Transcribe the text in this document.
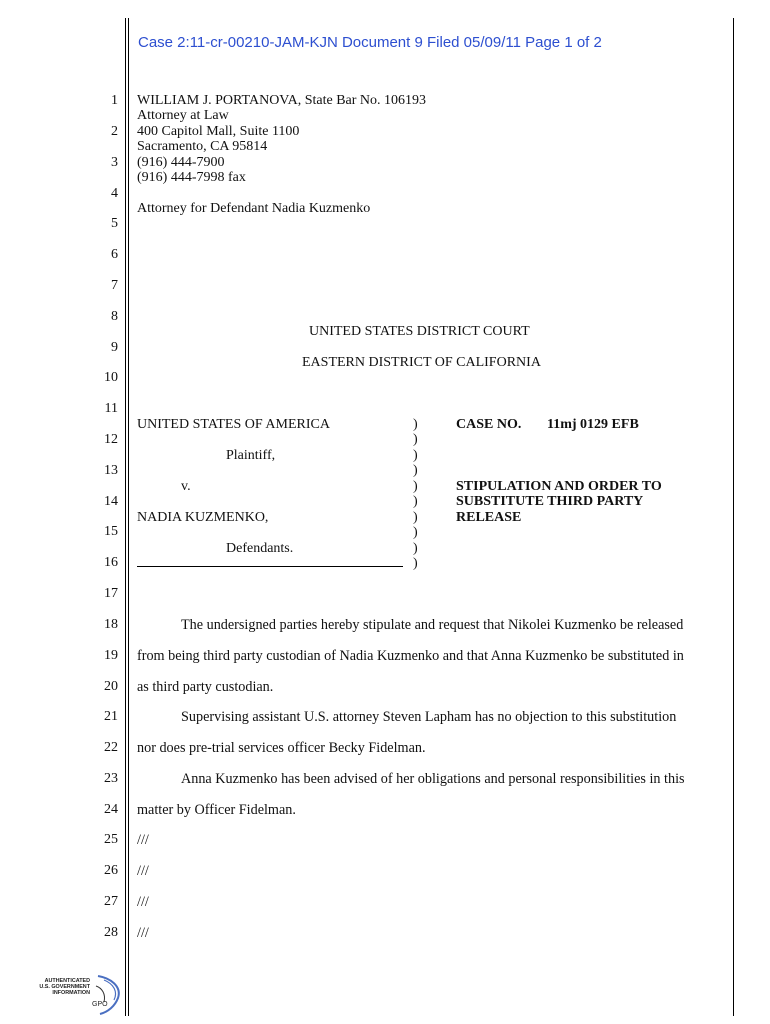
Case 2:11-cr-00210-JAM-KJN Document 9 Filed 05/09/11 Page 1 of 2
1
2
3
4
5
6
7
8
9
10
11
12
13
14
15
16
17
18
19
20
21
22
23
24
25
26
27
28
WILLIAM J. PORTANOVA, State Bar No. 106193
Attorney at Law
400 Capitol Mall, Suite 1100
Sacramento, CA 95814
(916) 444-7900
(916) 444-7998 fax
Attorney for Defendant Nadia Kuzmenko
UNITED STATES DISTRICT COURT
EASTERN DISTRICT OF CALIFORNIA
UNITED STATES OF AMERICA
Plaintiff,
v.
NADIA KUZMENKO,
Defendants.
)
)
)
)
)
)
)
)
)
)
CASE NO. 11mj 0129 EFB
STIPULATION AND ORDER TO
SUBSTITUTE THIRD PARTY
RELEASE
The undersigned parties hereby stipulate and request that Nikolei Kuzmenko be released
from being third party custodian of Nadia Kuzmenko and that Anna Kuzmenko be substituted in
as third party custodian.
Supervising assistant U.S. attorney Steven Lapham has no objection to this substitution
nor does pre-trial services officer Becky Fidelman.
Anna Kuzmenko has been advised of her obligations and personal responsibilities in this
matter by Officer Fidelman.
///
///
///
///
AUTHENTICATED
U.S. GOVERNMENT
INFORMATION
GPO
